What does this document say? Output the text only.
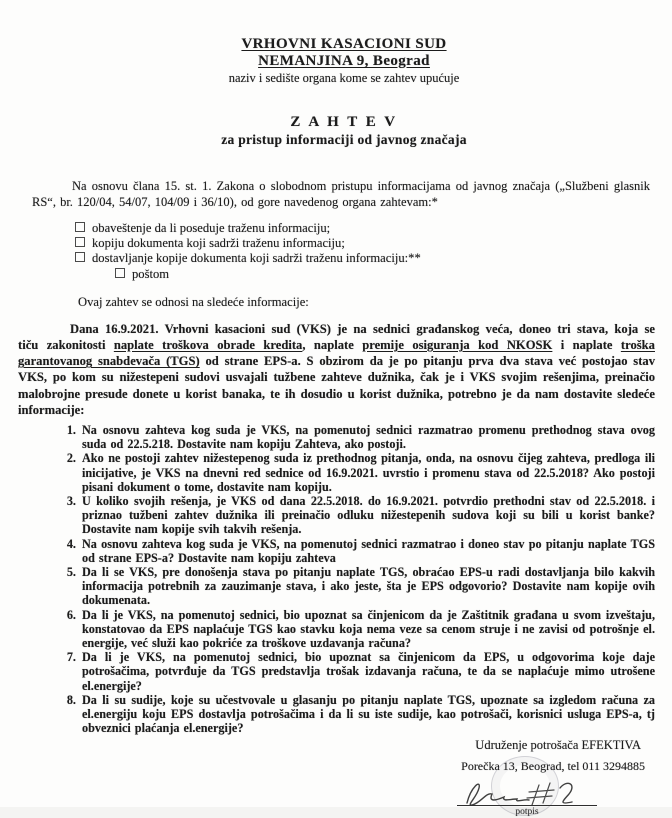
VRHOVNI KASACIONI SUD
NEMANJINA 9, Beograd
naziv i sedište organa kome se zahtev upućuje
Z A H T E V
za pristup informaciji od javnog značaja

Na osnovu člana 15. st. 1. Zakona o slobodnom pristupu informacijama od javnog značaja („Službeni glasnik RS“, br. 120/04, 54/07, 104/09 i 36/10), od gore navedenog organa zahtevam:*

obaveštenje da li poseduje traženu informaciju;
kopiju dokumenta koji sadrži traženu informaciju;
dostavljanje kopije dokumenta koji sadrži traženu informaciju:**
poštom

Ovaj zahtev se odnosi na sledeće informacije:

Dana 16.9.2021. Vrhovni kasacioni sud (VKS) je na sednici građanskog veća, doneo tri stava, koja se tiču zakonitosti naplate troškova obrade kredita, naplate premije osiguranja kod NKOSK i naplate troška garantovanog snabdevača (TGS) od strane EPS-a. S obzirom da je po pitanju prva dva stava već postojao stav VKS, po kom su nižestepeni sudovi usvajali tužbene zahteve dužnika, čak je i VKS svojim rešenjima, preinačio malobrojne presude donete u korist banaka, te ih dosudio u korist dužnika, potrebno je da nam dostavite sledeće informacije:

1. Na osnovu zahteva kog suda je VKS, na pomenutoj sednici razmatrao promenu prethodnog stava ovog suda od 22.5.218. Dostavite nam kopiju Zahteva, ako postoji.
2. Ako ne postoji zahtev nižestepenog suda iz prethodnog pitanja, onda, na osnovu čijeg zahteva, predloga ili inicijative, je VKS na dnevni red sednice od 16.9.2021. uvrstio i promenu stava od 22.5.2018? Ako postoji pisani dokument o tome, dostavite nam kopiju.
3. U koliko svojih rešenja, je VKS od dana 22.5.2018. do 16.9.2021. potvrdio prethodni stav od 22.5.2018. i priznao tužbeni zahtev dužnika ili preinačio odluku nižestepenih sudova koji su bili u korist banke? Dostavite nam kopije svih takvih rešenja.
4. Na osnovu zahteva kog suda je VKS, na pomenutoj sednici razmatrao i doneo stav po pitanju naplate TGS od strane EPS-a? Dostavite nam kopiju zahteva
5. Da li se VKS, pre donošenja stava po pitanju naplate TGS, obraćao EPS-u radi dostavljanja bilo kakvih informacija potrebnih za zauzimanje stava, i ako jeste, šta je EPS odgovorio? Dostavite nam kopije ovih dokumenata.
6. Da li je VKS, na pomenutoj sednici, bio upoznat sa činjenicom da je Zaštitnik građana u svom izveštaju, konstatovao da EPS naplaćuje TGS kao stavku koja nema veze sa cenom struje i ne zavisi od potrošnje el. energije, već služi kao pokriće za troškove uzdavanja računa?
7. Da li je VKS, na pomenutoj sednici, bio upoznat sa činjenicom da EPS, u odgovorima koje daje potrošačima, potvrđuje da TGS predstavlja trošak izdavanja računa, te da se naplaćuje mimo utrošene el.energije?
8. Da li su sudije, koje su učestvovale u glasanju po pitanju naplate TGS, upoznate sa izgledom računa za el.energiju koju EPS dostavlja potrošačima i da li su iste sudije, kao potrošači, korisnici usluga EPS-a, tj obveznici plaćanja el.energije?
Udruženje potrošača EFEKTIVA
Porečka 13, Beograd, tel 011 3294885
potpis
